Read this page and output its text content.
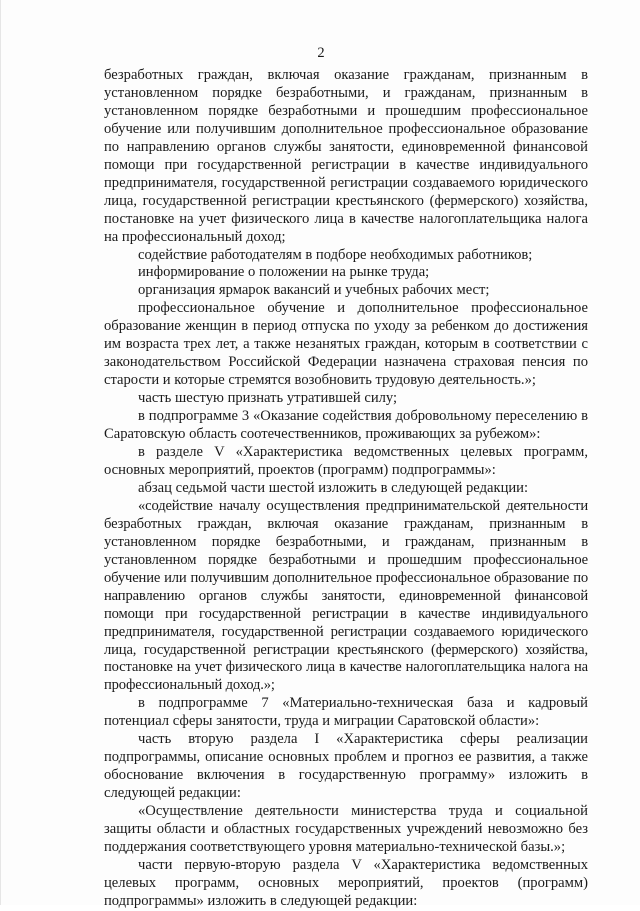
2

безработных граждан, включая оказание гражданам, признанным в установленном порядке безработными, и гражданам, признанным в установленном порядке безработными и прошедшим профессиональное обучение или получившим дополнительное профессиональное образование по направлению органов службы занятости, единовременной финансовой помощи при государственной регистрации в качестве индивидуального предпринимателя, государственной регистрации создаваемого юридического лица, государственной регистрации крестьянского (фермерского) хозяйства, постановке на учет физического лица в качестве налогоплательщика налога на профессиональный доход;

содействие работодателям в подборе необходимых работников;

информирование о положении на рынке труда;

организация ярмарок вакансий и учебных рабочих мест;

профессиональное обучение и дополнительное профессиональное образование женщин в период отпуска по уходу за ребенком до достижения им возраста трех лет, а также незанятых граждан, которым в соответствии с законодательством Российской Федерации назначена страховая пенсия по старости и которые стремятся возобновить трудовую деятельность.»;

часть шестую признать утратившей силу;

в подпрограмме 3 «Оказание содействия добровольному переселению в Саратовскую область соотечественников, проживающих за рубежом»:

в разделе V «Характеристика ведомственных целевых программ, основных мероприятий, проектов (программ) подпрограммы»:

абзац седьмой части шестой изложить в следующей редакции:

«содействие началу осуществления предпринимательской деятельности безработных граждан, включая оказание гражданам, признанным в установленном порядке безработными, и гражданам, признанным в установленном порядке безработными и прошедшим профессиональное обучение или получившим дополнительное профессиональное образование по направлению органов службы занятости, единовременной финансовой помощи при государственной регистрации в качестве индивидуального предпринимателя, государственной регистрации создаваемого юридического лица, государственной регистрации крестьянского (фермерского) хозяйства, постановке на учет физического лица в качестве налогоплательщика налога на профессиональный доход.»;

в подпрограмме 7 «Материально-техническая база и кадровый потенциал сферы занятости, труда и миграции Саратовской области»:

часть вторую раздела I «Характеристика сферы реализации подпрограммы, описание основных проблем и прогноз ее развития, а также обоснование включения в государственную программу» изложить в следующей редакции:

«Осуществление деятельности министерства труда и социальной защиты области и областных государственных учреждений невозможно без поддержания соответствующего уровня материально-технической базы.»;

части первую-вторую раздела V «Характеристика ведомственных целевых программ, основных мероприятий, проектов (программ) подпрограммы» изложить в следующей редакции:
